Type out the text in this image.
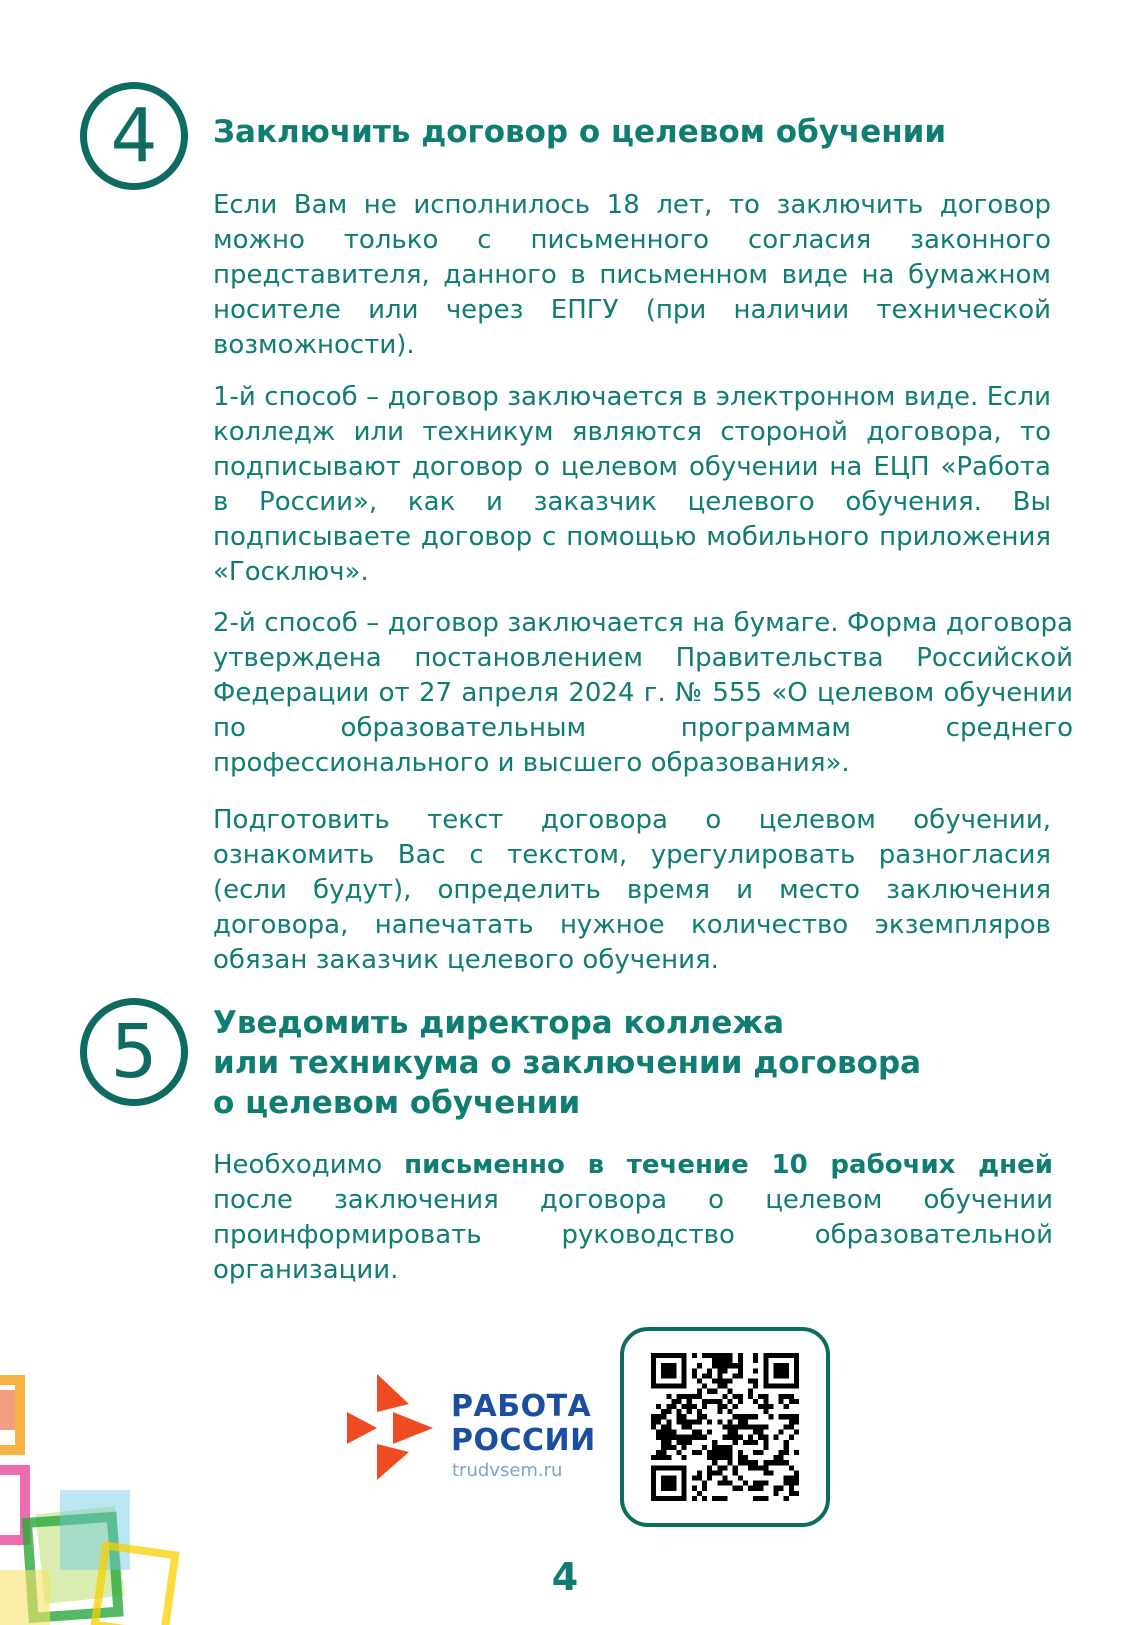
4 Заключить договор о целевом обучении

Если Вам не исполнилось 18 лет, то заключить договор можно только с письменного согласия законного представителя, данного в письменном виде на бумажном носителе или через ЕПГУ (при наличии технической возможности).

1-й способ – договор заключается в электронном виде. Если колледж или техникум являются стороной договора, то подписывают договор о целевом обучении на ЕЦП «Работа в России», как и заказчик целевого обучения. Вы подписываете договор с помощью мобильного приложения «Госключ».

2-й способ – договор заключается на бумаге. Форма договора утверждена постановлением Правительства Российской Федерации от 27 апреля 2024 г. № 555 «О целевом обучении по образовательным программам среднего профессионального и высшего образования».

Подготовить текст договора о целевом обучении, ознакомить Вас с текстом, урегулировать разногласия (если будут), определить время и место заключения договора, напечатать нужное количество экземпляров обязан заказчик целевого обучения.

5 Уведомить директора коллежа
или техникума о заключении договора
о целевом обучении

Необходимо письменно в течение 10 рабочих дней после заключения договора о целевом обучении проинформировать руководство образовательной организации.

РАБОТА
РОССИИ
trudvsem.ru
4
